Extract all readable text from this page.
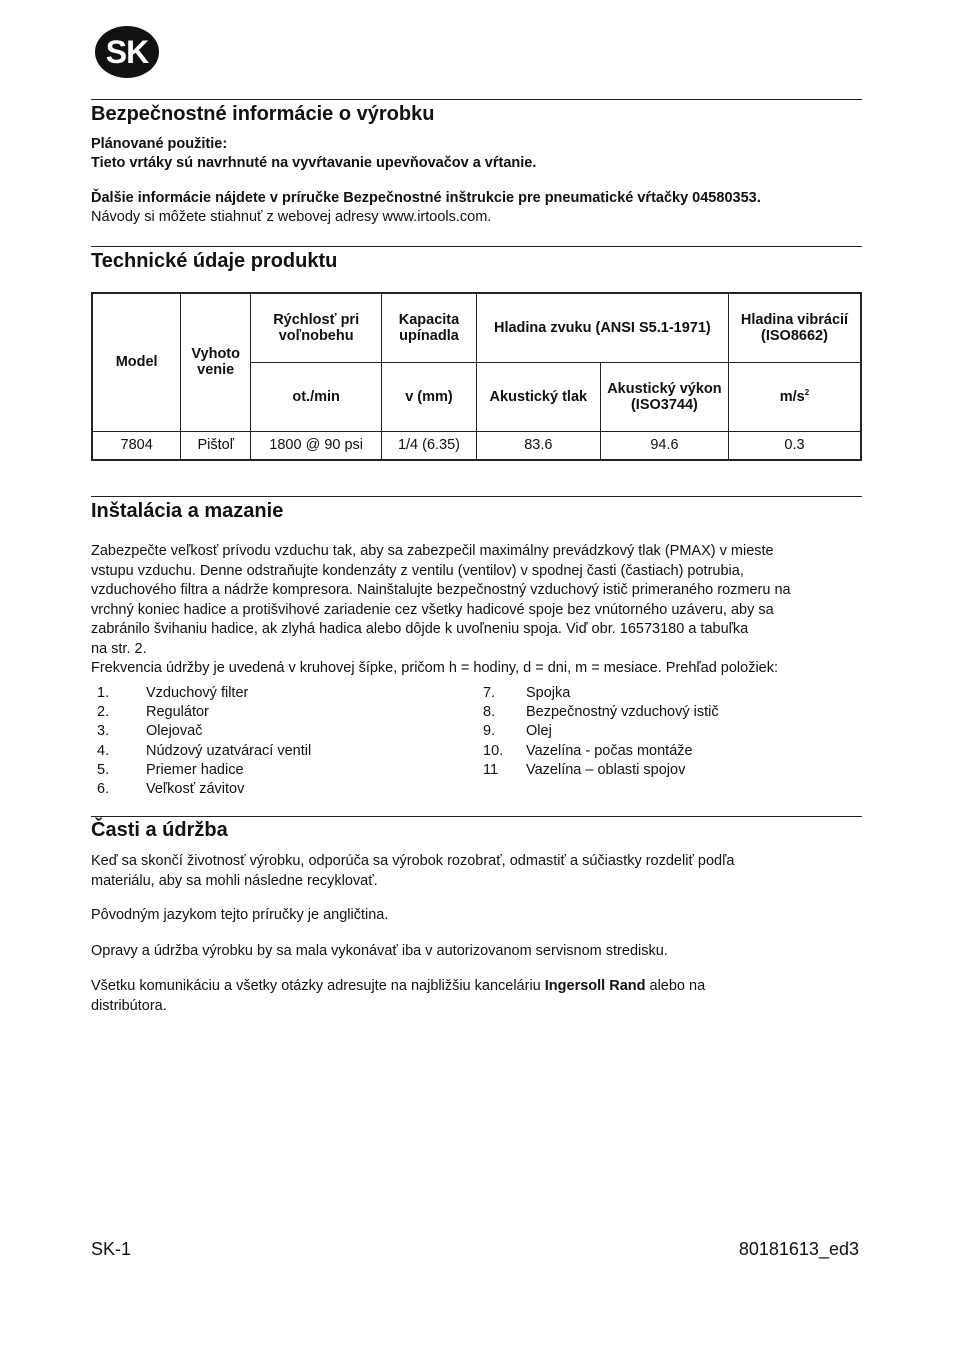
SK
Bezpečnostné informácie o výrobku

Plánované použitie:

Tieto vrtáky sú navrhnuté na vyvŕtavanie upevňovačov a vŕtanie.

Ďalšie informácie nájdete v príručke Bezpečnostné inštrukcie pre pneumatické vŕtačky 04580353.

Návody si môžete stiahnuť z webovej adresy www.irtools.com.

Technické údaje produktu
Model	Vyhoto venie	Rýchlosť pri voľnobehu	Kapacita upínadla	Hladina zvuku (ANSI S5.1-1971)		Hladina vibrácií (ISO8662)
		ot./min	v (mm)	Akustický tlak	Akustický výkon (ISO3744)	$m/s^2$
7804	Pištoľ	1800 @ 90 psi	1/4 (6.35)	83.6	94.6	0.3
Inštalácia a mazanie
Zabezpečte veľkosť prívodu vzduchu tak, aby sa zabezpečil maximálny prevádzkový tlak (PMAX) v mieste
vstupu vzduchu. Denne odstraňujte kondenzáty z ventilu (ventilov) v spodnej časti (častiach) potrubia,
vzduchového filtra a nádrže kompresora. Nainštalujte bezpečnostný vzduchový istič primeraného rozmeru na
vrchný koniec hadice a protišvihové zariadenie cez všetky hadicové spoje bez vnútorného uzáveru, aby sa
zabránilo švihaniu hadice, ak zlyhá hadica alebo dôjde k uvoľneniu spoja. Viď obr. 16573180 a tabuľka
na str. 2.
Frekvencia údržby je uvedená v kruhovej šípke, pričom h = hodiny, d = dni, m = mesiace. Prehľad položiek:
1.	Vzduchový filter
2.	Regulátor
3.	Olejovač
4.	Núdzový uzatvárací ventil
5.	Priemer hadice
6.	Veľkosť závitov
7.	Spojka
8.	Bezpečnostný vzduchový istič
9.	Olej
10.	Vazelína - počas montáže
11	Vazelína – oblasti spojov
Časti a údržba
Keď sa skončí životnosť výrobku, odporúča sa výrobok rozobrať, odmastiť a súčiastky rozdeliť podľa
materiálu, aby sa mohli následne recyklovať.

Pôvodným jazykom tejto príručky je angličtina.

Opravy a údržba výrobku by sa mala vykonávať iba v autorizovanom servisnom stredisku.

Všetku komunikáciu a všetky otázky adresujte na najbližšiu kanceláriu Ingersoll Rand alebo na
distribútora.
SK-1	80181613_ed3
